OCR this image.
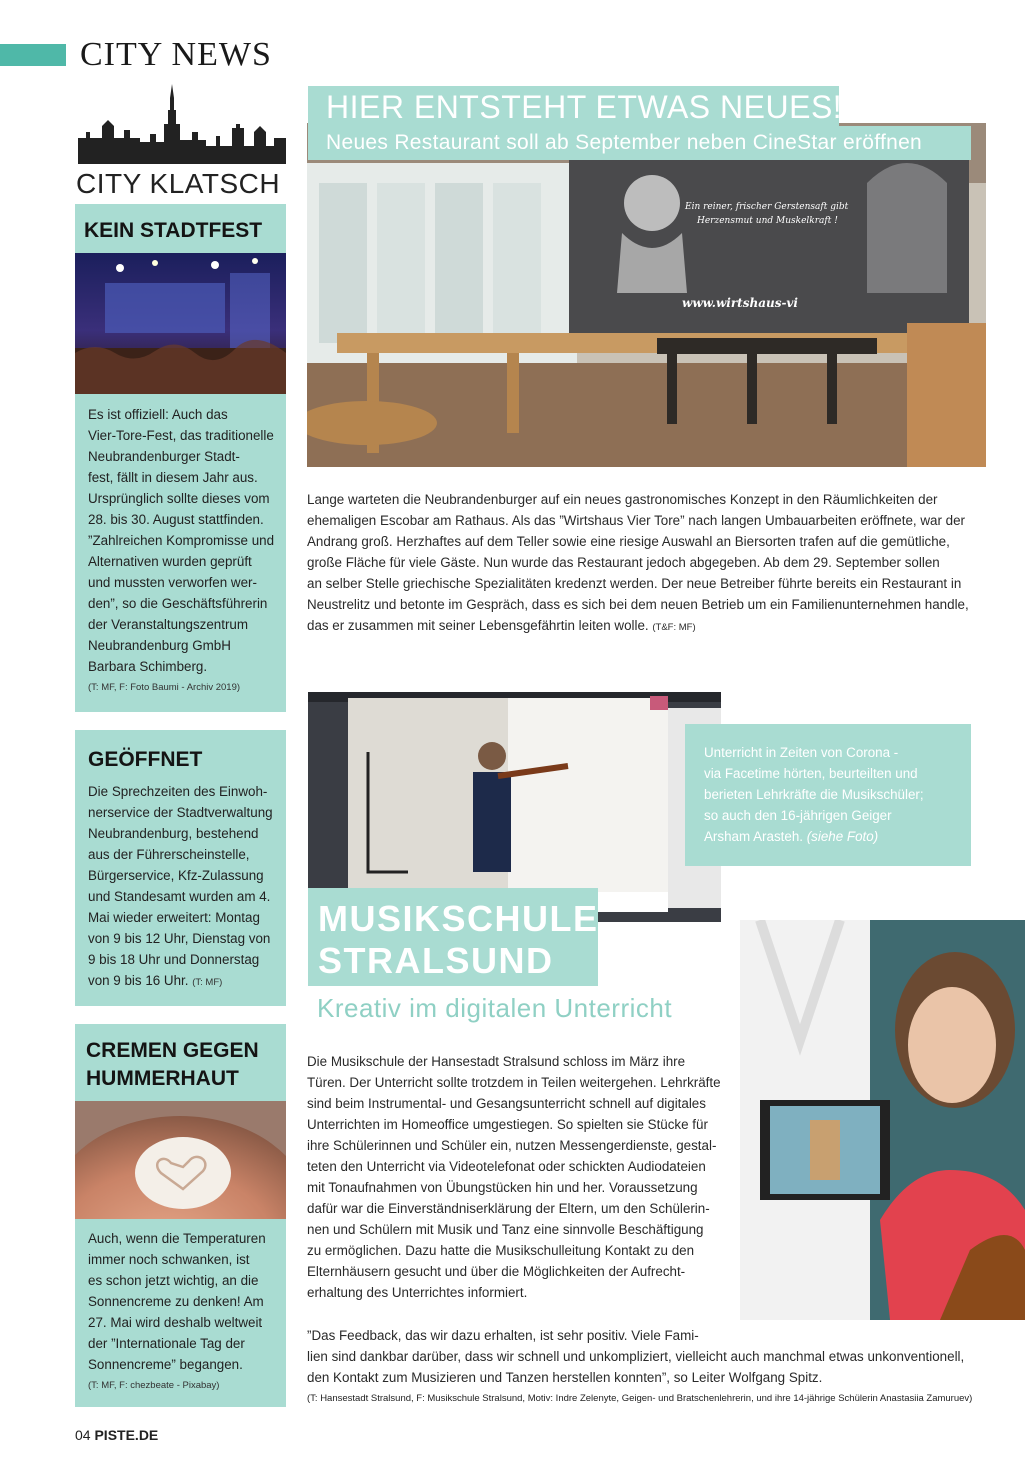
CITY NEWS
CITY KLATSCH
KEIN STADTFEST
Es ist offiziell: Auch das
Vier-Tore-Fest, das traditionelle
Neubrandenburger Stadt-
fest, fällt in diesem Jahr aus.
Ursprünglich sollte dieses vom
28. bis 30. August stattfinden.
”Zahlreichen Kompromisse und
Alternativen wurden geprüft
und mussten verworfen wer-
den”, so die Geschäftsführerin
der Veranstaltungszentrum
Neubrandenburg GmbH
Barbara Schimberg.
(T: MF, F: Foto Baumi - Archiv 2019)
GEÖFFNET
Die Sprechzeiten des Einwoh-
nerservice der Stadtverwaltung
Neubrandenburg, bestehend
aus der Führerscheinstelle,
Bürgerservice, Kfz-Zulassung
und Standesamt wurden am 4.
Mai wieder erweitert: Montag
von 9 bis 12 Uhr, Dienstag von
9 bis 18 Uhr und Donnerstag
von 9 bis 16 Uhr. (T: MF)
CREMEN GEGEN
HUMMERHAUT
Auch, wenn die Temperaturen
immer noch schwanken, ist
es schon jetzt wichtig, an die
Sonnencreme zu denken! Am
27. Mai wird deshalb weltweit
der ”Internationale Tag der
Sonnencreme” begangen.
(T: MF, F: chezbeate - Pixabay)
Ein reiner, frischer Gerstensaft gibt
Herzensmut und Muskelkraft !
www.wirtshaus-vi
HIER ENTSTEHT ETWAS NEUES!
Neues Restaurant soll ab September neben CineStar eröffnen
Lange warteten die Neubrandenburger auf ein neues gastronomisches Konzept in den Räumlichkeiten der
ehemaligen Escobar am Rathaus. Als das ”Wirtshaus Vier Tore” nach langen Umbauarbeiten eröffnete, war der
Andrang groß. Herzhaftes auf dem Teller sowie eine riesige Auswahl an Biersorten trafen auf die gemütliche,
große Fläche für viele Gäste. Nun wurde das Restaurant jedoch abgegeben. Ab dem 29. September sollen
an selber Stelle griechische Spezialitäten kredenzt werden. Der neue Betreiber führte bereits ein Restaurant in
Neustrelitz und betonte im Gespräch, dass es sich bei dem neuen Betrieb um ein Familienunternehmen handle,
das er zusammen mit seiner Lebensgefährtin leiten wolle. (T&F: MF)
Unterricht in Zeiten von Corona -
via Facetime hörten, beurteilten und
berieten Lehrkräfte die Musikschüler;
so auch den 16-jährigen Geiger
Arsham Arasteh. (siehe Foto)
MUSIKSCHULE
STRALSUND
Kreativ im digitalen Unterricht
Die Musikschule der Hansestadt Stralsund schloss im März ihre
Türen. Der Unterricht sollte trotzdem in Teilen weitergehen. Lehrkräfte
sind beim Instrumental- und Gesangsunterricht schnell auf digitales
Unterrichten im Homeoffice umgestiegen. So spielten sie Stücke für
ihre Schülerinnen und Schüler ein, nutzen Messengerdienste, gestal-
teten den Unterricht via Videotelefonat oder schickten Audiodateien
mit Tonaufnahmen von Übungstücken hin und her. Voraussetzung
dafür war die Einverständniserklärung der Eltern, um den Schülerin-
nen und Schülern mit Musik und Tanz eine sinnvolle Beschäftigung
zu ermöglichen. Dazu hatte die Musikschulleitung Kontakt zu den
Elternhäusern gesucht und über die Möglichkeiten der Aufrecht-
erhaltung des Unterrichtes informiert.
”Das Feedback, das wir dazu erhalten, ist sehr positiv. Viele Fami-
lien sind dankbar darüber, dass wir schnell und unkompliziert, vielleicht auch manchmal etwas unkonventionell,
den Kontakt zum Musizieren und Tanzen herstellen konnten”, so Leiter Wolfgang Spitz.
(T: Hansestadt Stralsund, F: Musikschule Stralsund, Motiv: Indre Zelenyte, Geigen- und Bratschenlehrerin, und ihre 14-jährige Schülerin Anastasiia Zamuruev)
04 PISTE.DE
